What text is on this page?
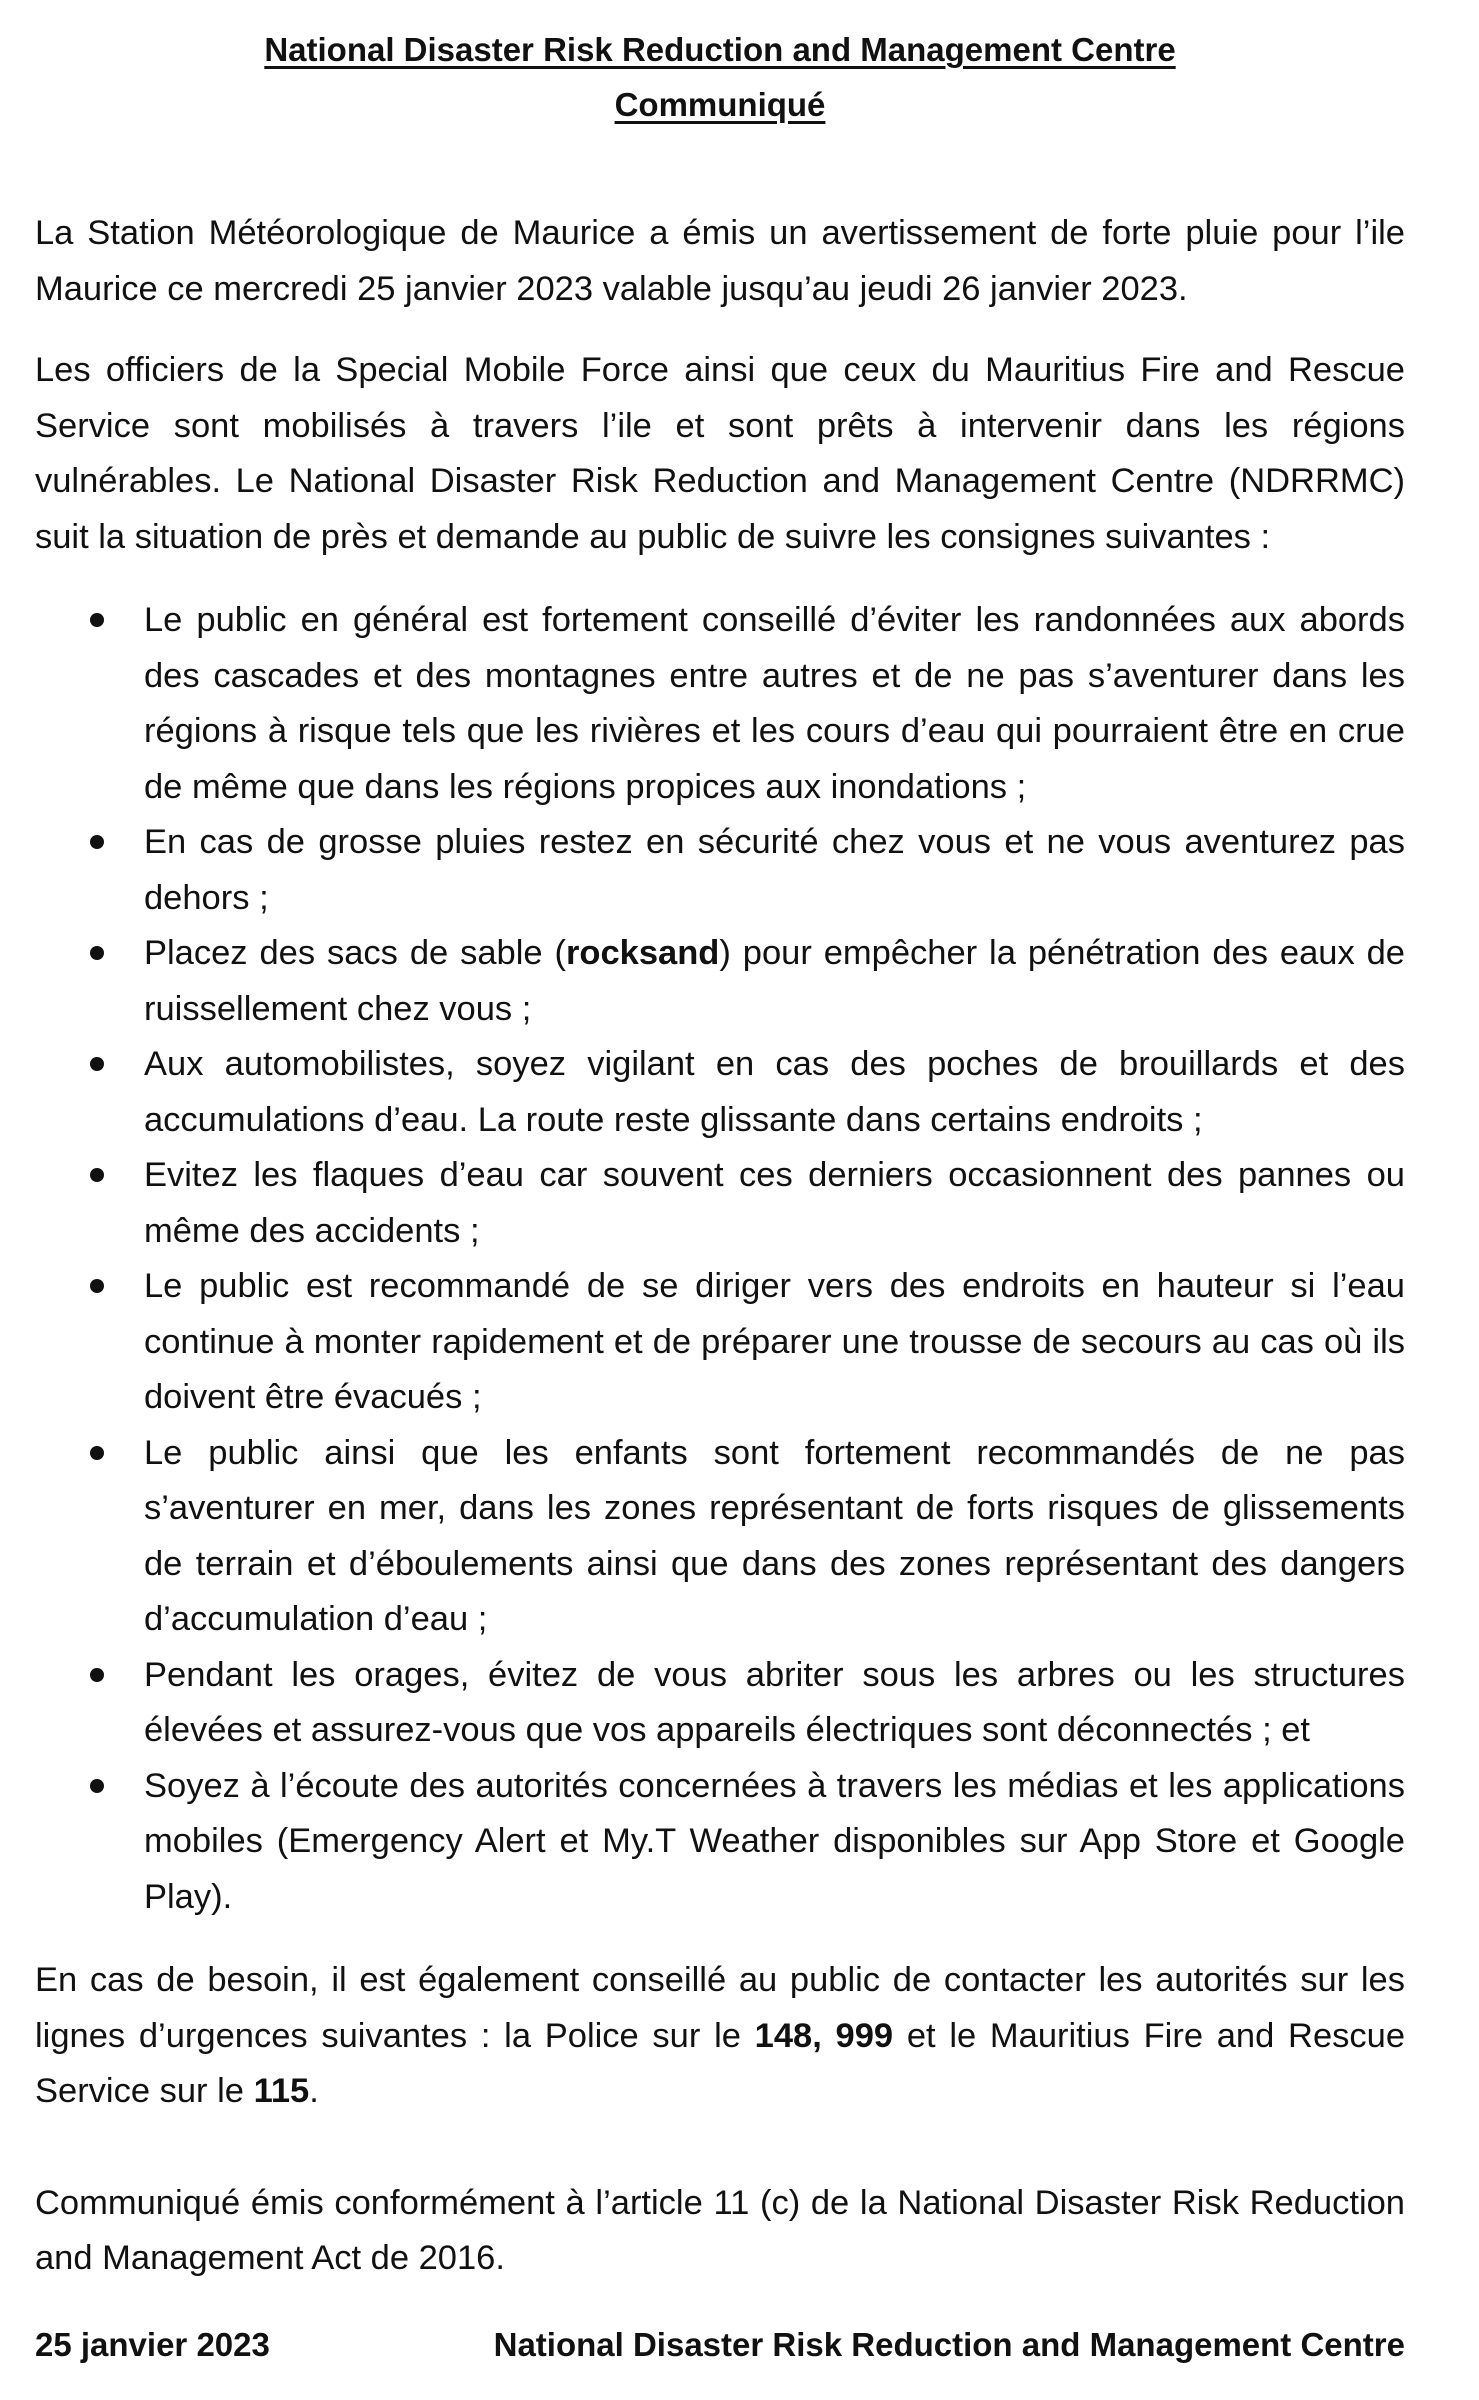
National Disaster Risk Reduction and Management Centre

Communiqué

La Station Météorologique de Maurice a émis un avertissement de forte pluie pour l’ile Maurice ce mercredi 25 janvier 2023 valable jusqu’au jeudi 26 janvier 2023.

Les officiers de la Special Mobile Force ainsi que ceux du Mauritius Fire and Rescue Service sont mobilisés à travers l’ile et sont prêts à intervenir dans les régions vulnérables. Le National Disaster Risk Reduction and Management Centre (NDRRMC) suit la situation de près et demande au public de suivre les consignes suivantes :

Le public en général est fortement conseillé d’éviter les randonnées aux abords des cascades et des montagnes entre autres et de ne pas s’aventurer dans les régions à risque tels que les rivières et les cours d’eau qui pourraient être en crue de même que dans les régions propices aux inondations ;
En cas de grosse pluies restez en sécurité chez vous et ne vous aventurez pas dehors ;
Placez des sacs de sable (rocksand) pour empêcher la pénétration des eaux de ruissellement chez vous ;
Aux automobilistes, soyez vigilant en cas des poches de brouillards et des accumulations d’eau. La route reste glissante dans certains endroits ;
Evitez les flaques d’eau car souvent ces derniers occasionnent des pannes ou même des accidents ;
Le public est recommandé de se diriger vers des endroits en hauteur si l’eau continue à monter rapidement et de préparer une trousse de secours au cas où ils doivent être évacués ;
Le public ainsi que les enfants sont fortement recommandés de ne pas s’aventurer en mer, dans les zones représentant de forts risques de glissements de terrain et d’éboulements ainsi que dans des zones représentant des dangers d’accumulation d’eau ;
Pendant les orages, évitez de vous abriter sous les arbres ou les structures élevées et assurez-vous que vos appareils électriques sont déconnectés ; et
Soyez à l’écoute des autorités concernées à travers les médias et les applications mobiles (Emergency Alert et My.T Weather disponibles sur App Store et Google Play).

En cas de besoin, il est également conseillé au public de contacter les autorités sur les lignes d’urgences suivantes : la Police sur le 148, 999 et le Mauritius Fire and Rescue Service sur le 115.

Communiqué émis conformément à l’article 11 (c) de la National Disaster Risk Reduction and Management Act de 2016.

25 janvier 2023	National Disaster Risk Reduction and Management Centre
